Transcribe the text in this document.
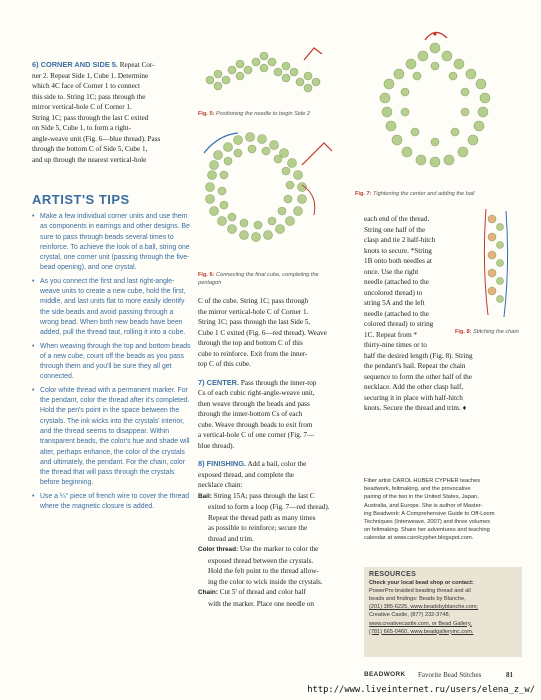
6) CORNER AND SIDE 5. Repeat Cor-
ner 2. Repeat Side 1, Cube 1. Determine
which 4C face of Corner 1 to connect
this side to. String 1C; pass through the
mirror vertical-hole C of Corner 1.
String 1C; pass through the last C exited
on Side 5, Cube 1, to form a right-
angle-weave unit (Fig. 6—blue thread). Pass
through the bottom C of Side 5, Cube 1,
and up through the nearest vertical-hole
ARTIST'S TIPS
• Make a few individual corner units and use them as components in earrings and other designs. Be sure to pass through beads several times to reinforce. To achieve the look of a ball, string one crystal, one corner unit (passing through the five-bead opening), and one crystal.
• As you connect the first and last right-angle-weave units to create a new cube, hold the first, middle, and last units flat to more easily identify the side beads and avoid passing through a wrong bead. When both new beads have been added, pull the thread taut, rolling it into a cube.
• When weaving through the top and bottom beads of a new cube, count off the beads as you pass through them and you'll be sure they all get connected.
• Color white thread with a permanent marker. For the pendant, color the thread after it's completed. Hold the pen's point in the space between the crystals. The ink wicks into the crystals' interior, and the thread seems to disappear. Within transparent beads, the color's hue and shade will alter, perhaps enhance, the color of the crystals and ultimately, the pendant. For the chain, color the thread that will pass through the crystals before beginning.
• Use a ¼" piece of french wire to cover the thread where the magnetic closure is added.
Fig. 5: Positioning the needle to begin Side 2
Fig. 6: Connecting the final cube, completing the pentagon
Fig. 7: Tightening the center and adding the bail
Fig. 8: Stitching the chain
C of the cube. String 1C; pass through
the mirror vertical-hole C of Corner 1.
String 1C; pass through the last Side 5,
Cube 1 C exited (Fig. 6—red thread). Weave
through the top and bottom C of this
cube to reinforce. Exit from the inner-
top C of this cube.
7) CENTER. Pass through the inner-top
Cs of each cubic right-angle-weave unit,
then weave through the beads and pass
through the inner-bottom Cs of each
cube. Weave through beads to exit from
a vertical-hole C of one corner (Fig. 7—
blue thread).
8) FINISHING. Add a bail, color the
exposed thread, and complete the
necklace chain:
Bail: String 15A; pass through the last C
exited to form a loop (Fig. 7—red thread).
Repeat the thread path as many times
as possible to reinforce; secure the
thread and trim.
Color thread: Use the marker to color the
exposed thread between the crystals.
Hold the felt point to the thread allow-
ing the color to wick inside the crystals.
Chain: Cut 5' of thread and color half
with the marker. Place one needle on
each end of the thread.
String one half of the
clasp and tie 2 half-hitch
knots to secure. *String
1B onto both needles at
once. Use the right
needle (attached to the
uncolored thread) to
string 5A and the left
needle (attached to the
colored thread) to string
1C. Repeat from *
thirty-nine times or to
half the desired length (Fig. 8). String
the pendant's bail. Repeat the chain
sequence to form the other half of the
necklace. Add the other clasp half,
securing it in place with half-hitch
knots. Secure the thread and trim. ♦
Fiber artist CAROL HUBER CYPHER teaches
beadwork, feltmaking, and the provocative
pairing of the two in the United States, Japan,
Australia, and Europe. She is author of Master-
ing Beadwork: A Comprehensive Guide to Off-Loom
Techniques (Interweave, 2007) and three volumes
on feltmaking. Share her adventures and teaching
calendar at www.carolcypher.blogspot.com.
RESOURCES
Check your local bead shop or contact:
PowerPro braided beading thread and all
beads and findings: Beads by Blanche,
(201) 385-6225, www.beadsbyblanche.com;
Creative Castle, (877) 232-3748,
www.creativecastle.com, or Bead Gallery,
(781) 665-0460, www.beadgalleryinc.com.
BEADWORK Favorite Bead Stitches	81
http://www.liveinternet.ru/users/elena_z_w/
